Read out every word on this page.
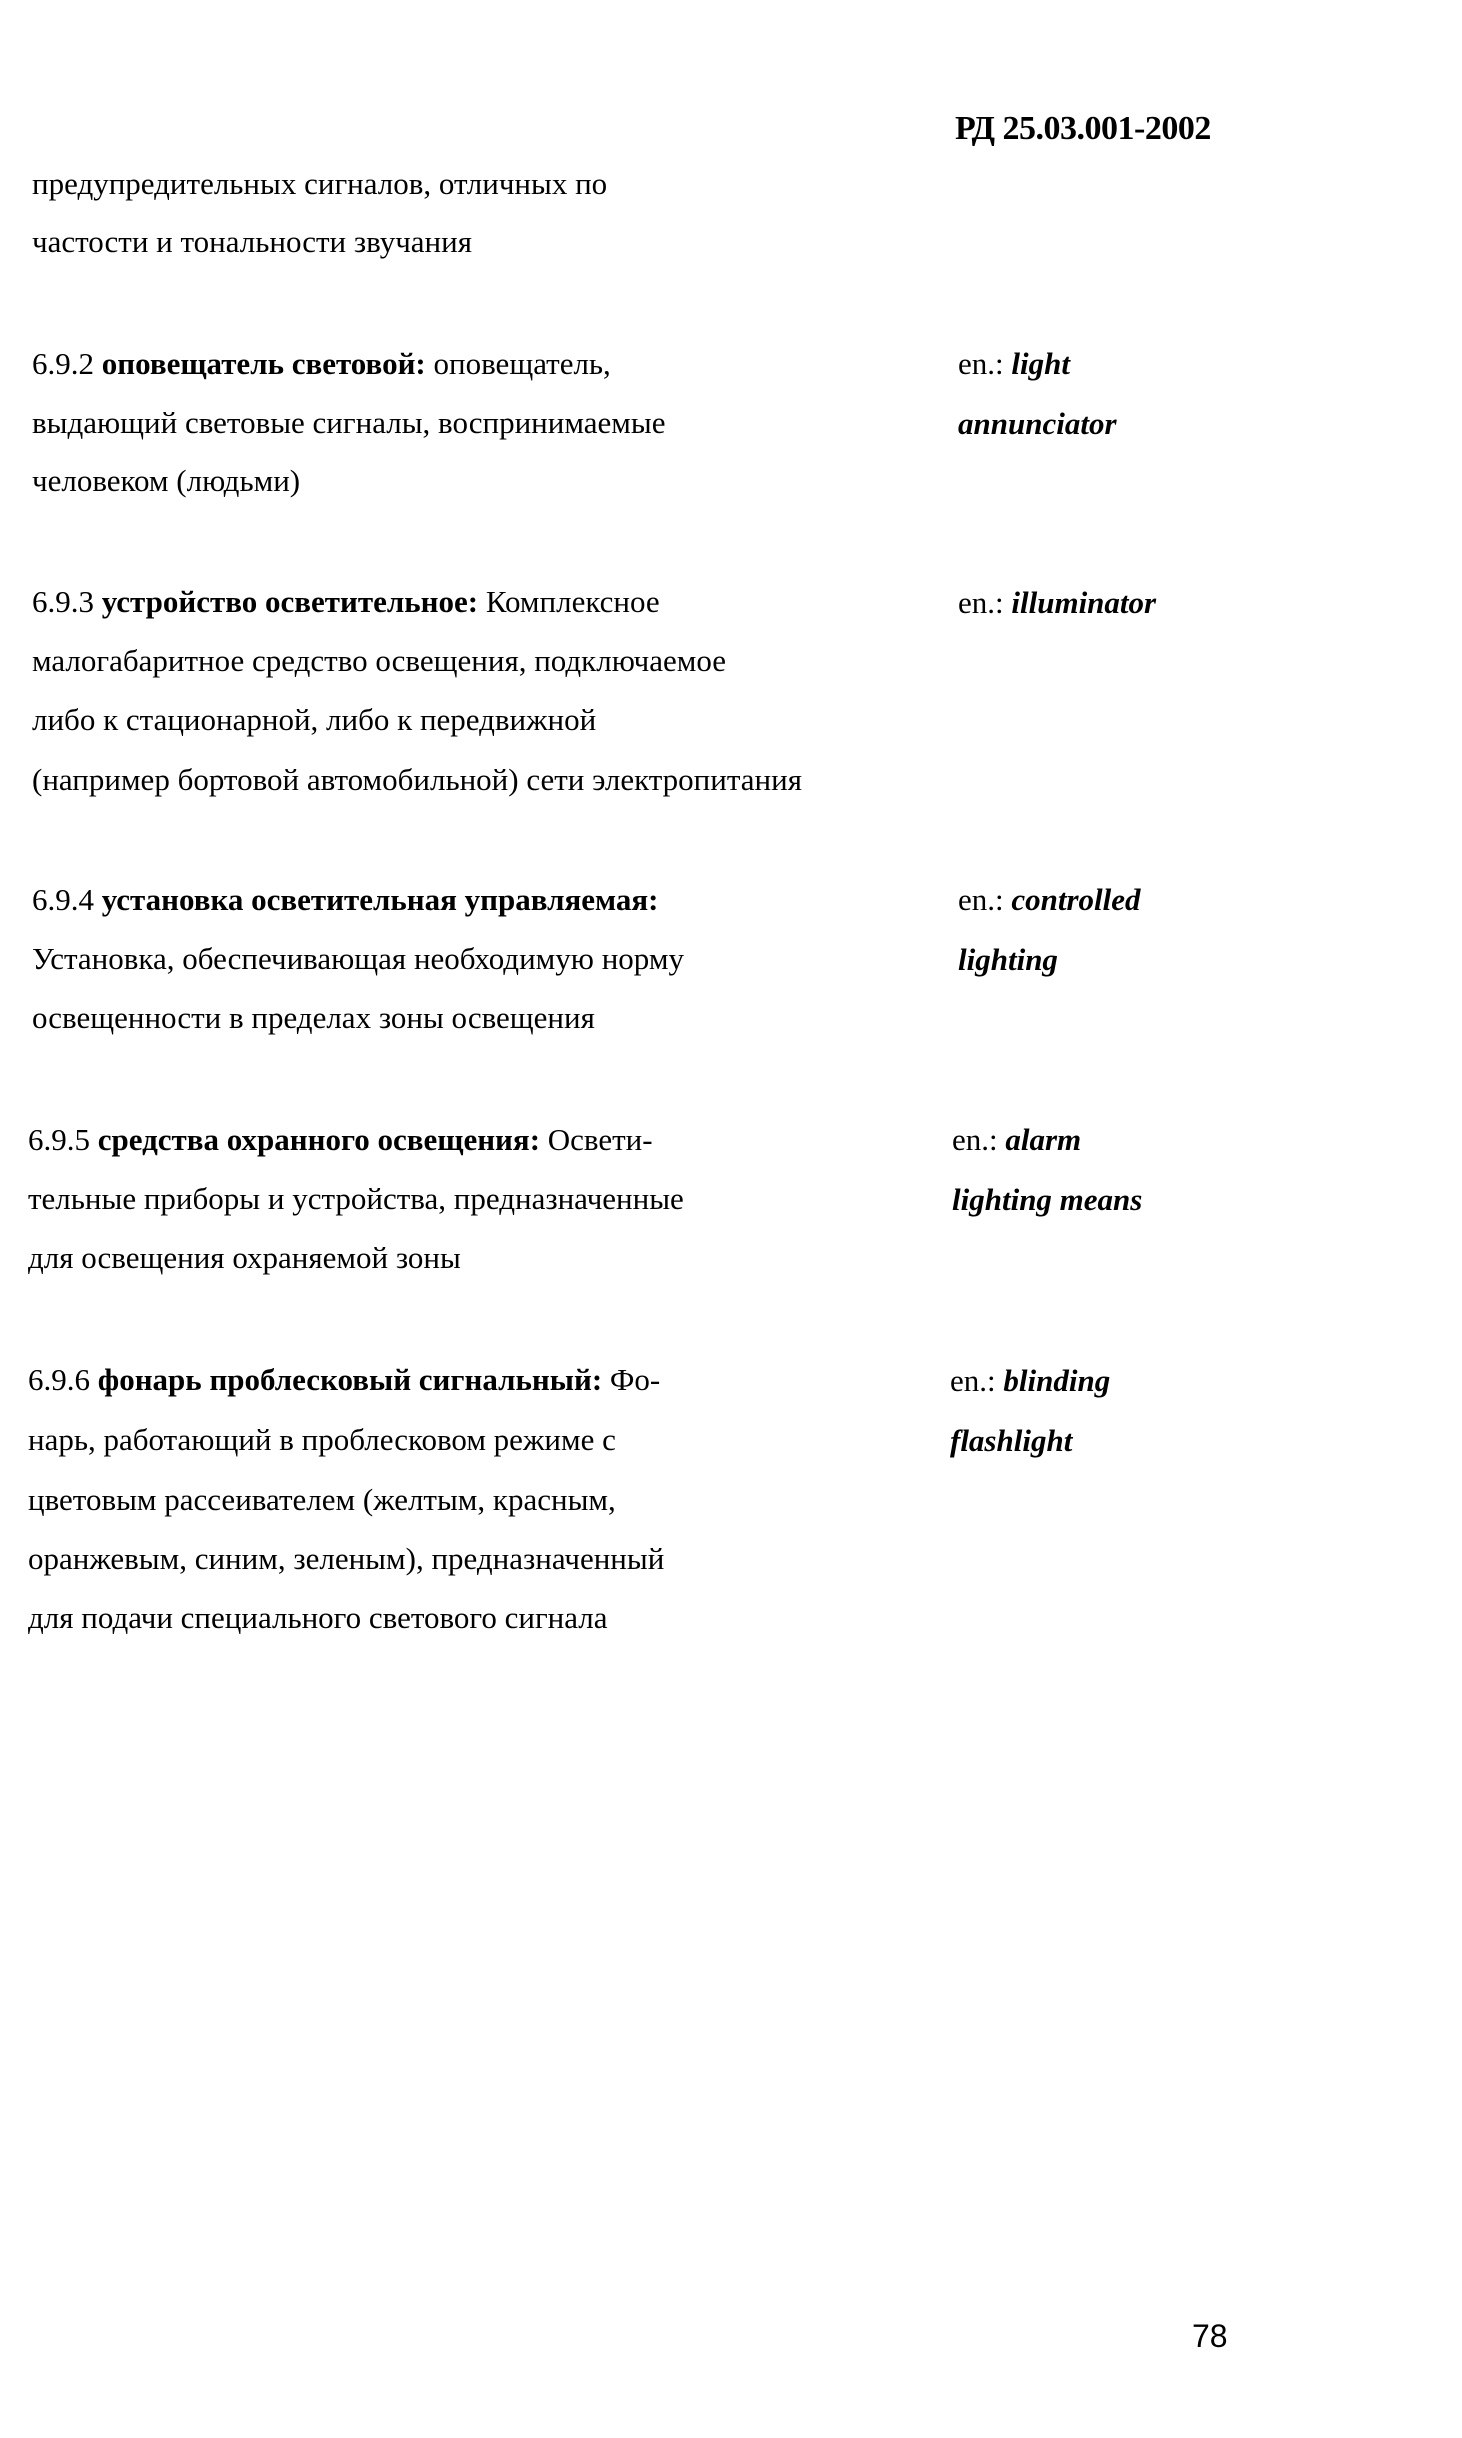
РД 25.03.001-2002
предупредительных сигналов, отличных по
частости и тональности звучания
6.9.2 оповещатель световой: оповещатель,
выдающий световые сигналы, воспринимаемые
человеком (людьми)
en.: light
annunciator
6.9.3 устройство осветительное: Комплексное
малогабаритное средство освещения, подключаемое
либо к стационарной, либо к передвижной
(например бортовой автомобильной) сети электропитания
en.: illuminator
6.9.4 установка осветительная управляемая:
Установка, обеспечивающая необходимую норму
освещенности в пределах зоны освещения
en.: controlled
lighting
6.9.5 средства охранного освещения: Освети-
тельные приборы и устройства, предназначенные
для освещения охраняемой зоны
en.: alarm
lighting means
6.9.6 фонарь проблесковый сигнальный: Фо-
нарь, работающий в проблесковом режиме с
цветовым рассеивателем (желтым, красным,
оранжевым, синим, зеленым), предназначенный
для подачи специального светового сигнала
en.: blinding
flashlight
78
